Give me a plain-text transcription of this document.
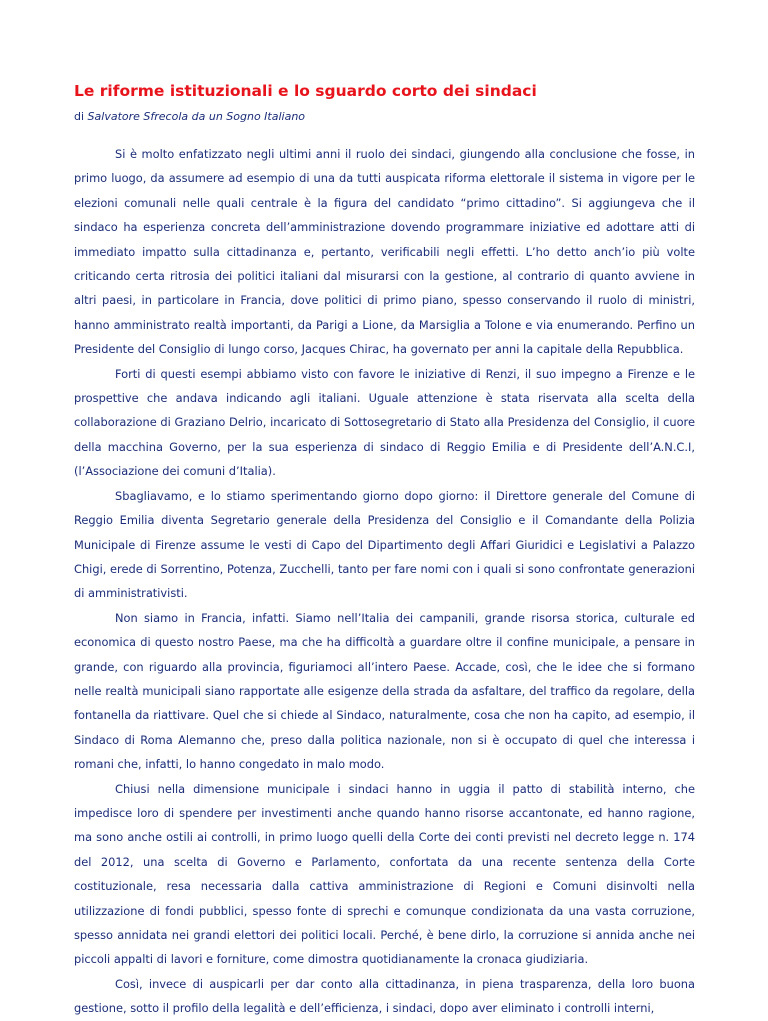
Le riforme istituzionali e lo sguardo corto dei sindaci

di Salvatore Sfrecola da un Sogno Italiano

Si è molto enfatizzato negli ultimi anni il ruolo dei sindaci, giungendo alla conclusione che fosse, in primo luogo, da assumere ad esempio di una da tutti auspicata riforma elettorale il sistema in vigore per le elezioni comunali nelle quali centrale è la figura del candidato “primo cittadino”. Si aggiungeva che il sindaco ha esperienza concreta dell’amministrazione dovendo programmare iniziative ed adottare atti di immediato impatto sulla cittadinanza e, pertanto, verificabili negli effetti. L’ho detto anch’io più volte criticando certa ritrosia dei politici italiani dal misurarsi con la gestione, al contrario di quanto avviene in altri paesi, in particolare in Francia, dove politici di primo piano, spesso conservando il ruolo di ministri, hanno amministrato realtà importanti, da Parigi a Lione, da Marsiglia a Tolone e via enumerando. Perfino un Presidente del Consiglio di lungo corso, Jacques Chirac, ha governato per anni la capitale della Repubblica.

Forti di questi esempi abbiamo visto con favore le iniziative di Renzi, il suo impegno a Firenze e le prospettive che andava indicando agli italiani. Uguale attenzione è stata riservata alla scelta della collaborazione di Graziano Delrio, incaricato di Sottosegretario di Stato alla Presidenza del Consiglio, il cuore della macchina Governo, per la sua esperienza di sindaco di Reggio Emilia e di Presidente dell’A.N.C.I, (l’Associazione dei comuni d’Italia).

Sbagliavamo, e lo stiamo sperimentando giorno dopo giorno: il Direttore generale del Comune di Reggio Emilia diventa Segretario generale della Presidenza del Consiglio e il Comandante della Polizia Municipale di Firenze assume le vesti di Capo del Dipartimento degli Affari Giuridici e Legislativi a Palazzo Chigi, erede di Sorrentino, Potenza, Zucchelli, tanto per fare nomi con i quali si sono confrontate generazioni di amministrativisti.

Non siamo in Francia, infatti. Siamo nell’Italia dei campanili, grande risorsa storica, culturale ed economica di questo nostro Paese, ma che ha difficoltà a guardare oltre il confine municipale, a pensare in grande, con riguardo alla provincia, figuriamoci all’intero Paese. Accade, così, che le idee che si formano nelle realtà municipali siano rapportate alle esigenze della strada da asfaltare, del traffico da regolare, della fontanella da riattivare. Quel che si chiede al Sindaco, naturalmente, cosa che non ha capito, ad esempio, il Sindaco di Roma Alemanno che, preso dalla politica nazionale, non si è occupato di quel che interessa i romani che, infatti, lo hanno congedato in malo modo.

Chiusi nella dimensione municipale i sindaci hanno in uggia il patto di stabilità interno, che impedisce loro di spendere per investimenti anche quando hanno risorse accantonate, ed hanno ragione, ma sono anche ostili ai controlli, in primo luogo quelli della Corte dei conti previsti nel decreto legge n. 174 del 2012, una scelta di Governo e Parlamento, confortata da una recente sentenza della Corte costituzionale, resa necessaria dalla cattiva amministrazione di Regioni e Comuni disinvolti nella utilizzazione di fondi pubblici, spesso fonte di sprechi e comunque condizionata da una vasta corruzione, spesso annidata nei grandi elettori dei politici locali. Perché, è bene dirlo, la corruzione si annida anche nei piccoli appalti di lavori e forniture, come dimostra quotidianamente la cronaca giudiziaria.

Così, invece di auspicarli per dar conto alla cittadinanza, in piena trasparenza, della loro buona gestione, sotto il profilo della legalità e dell’efficienza, i sindaci, dopo aver eliminato i controlli interni,
